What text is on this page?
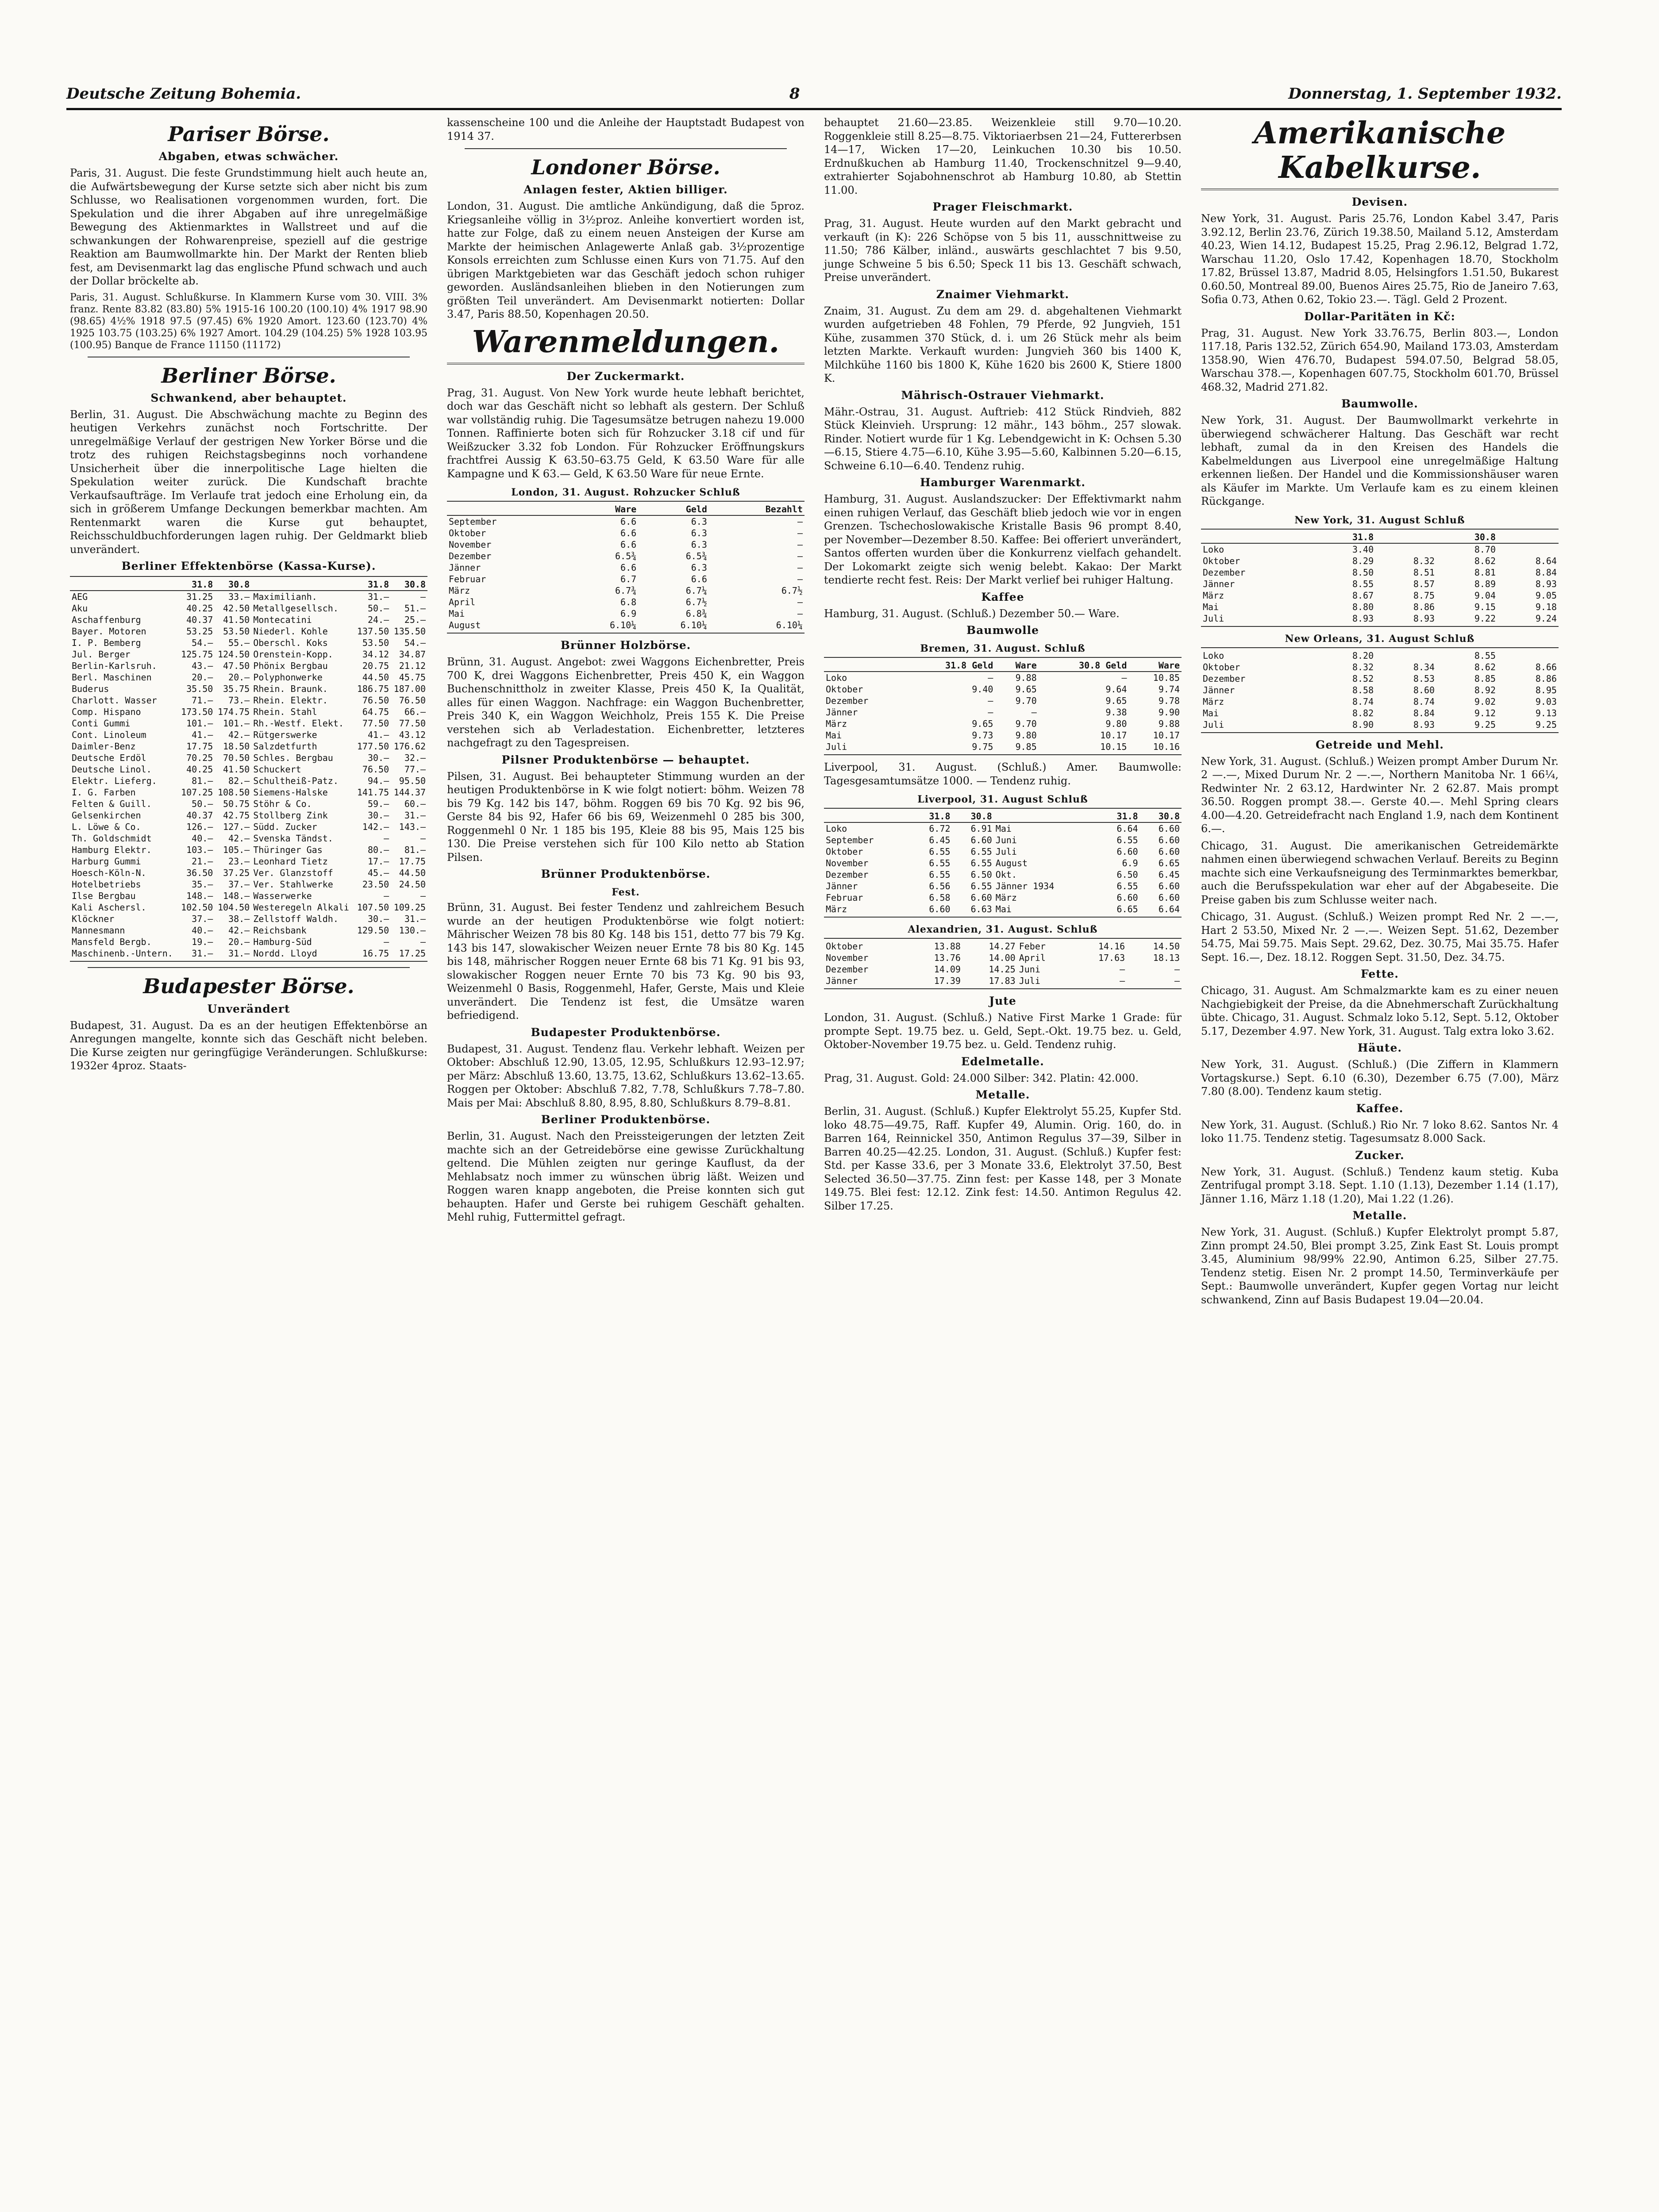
Deutsche Zeitung Bohemia.	8	Donnerstag, 1. September 1932.
Pariser Börse.
Abgaben, etwas schwächer.

Paris, 31. August. Die feste Grundstimmung hielt auch heute an, die Aufwärtsbewegung der Kurse setzte sich aber nicht bis zum Schlusse, wo Realisationen vorgenommen wurden, fort. Die Spekulation und die ihrer Abgaben auf ihre unregelmäßige Bewegung des Aktienmarktes in Wallstreet und auf die schwankungen der Rohwarenpreise, speziell auf die gestrige Reaktion am Baumwollmarkte hin. Der Markt der Renten blieb fest, am Devisenmarkt lag das englische Pfund schwach und auch der Dollar bröckelte ab.

Paris, 31. August. Schlußkurse. In Klammern Kurse vom 30. VIII. 3% franz. Rente 83.82 (83.80) 5% 1915-16 100.20 (100.10) 4% 1917 98.90 (98.65) 4½% 1918 97.5 (97.45) 6% 1920 Amort. 123.60 (123.70) 4% 1925 103.75 (103.25) 6% 1927 Amort. 104.29 (104.25) 5% 1928 103.95 (100.95) Banque de France 11150 (11172)

Berliner Börse.
Schwankend, aber behauptet.

Berlin, 31. August. Die Abschwächung machte zu Beginn des heutigen Verkehrs zunächst noch Fortschritte. Der unregelmäßige Verlauf der gestrigen New Yorker Börse und die trotz des ruhigen Reichstagsbeginns noch vorhandene Unsicherheit über die innerpolitische Lage hielten die Spekulation weiter zurück. Die Kundschaft brachte Verkaufsaufträge. Im Verlaufe trat jedoch eine Erholung ein, da sich in größerem Umfange Deckungen bemerkbar machten. Am Rentenmarkt waren die Kurse gut behauptet, Reichsschuldbuchforderungen lagen ruhig. Der Geldmarkt blieb unverändert.

Berliner Effektenbörse (Kassa-Kurse).
	31.8	30.8		31.8	30.8
AEG	31.25	33.—	Maximilianh.	31.—	—
Aku	40.25	42.50	Metallgesellsch.	50.—	51.—
Aschaffenburg	40.37	41.50	Montecatini	24.—	25.—
Bayer. Motoren	53.25	53.50	Niederl. Kohle	137.50	135.50
I. P. Bemberg	54.—	55.—	Oberschl. Koks	53.50	54.—
Jul. Berger	125.75	124.50	Orenstein-Kopp.	34.12	34.87
Berlin-Karlsruh.	43.—	47.50	Phönix Bergbau	20.75	21.12
Berl. Maschinen	20.—	20.—	Polyphonwerke	44.50	45.75
Buderus	35.50	35.75	Rhein. Braunk.	186.75	187.00
Charlott. Wasser	71.—	73.—	Rhein. Elektr.	76.50	76.50
Comp. Hispano	173.50	174.75	Rhein. Stahl	64.75	66.—
Conti Gummi	101.—	101.—	Rh.-Westf. Elekt.	77.50	77.50
Cont. Linoleum	41.—	42.—	Rütgerswerke	41.—	43.12
Daimler-Benz	17.75	18.50	Salzdetfurth	177.50	176.62
Deutsche Erdöl	70.25	70.50	Schles. Bergbau	30.—	32.—
Deutsche Linol.	40.25	41.50	Schuckert	76.50	77.—
Elektr. Lieferg.	81.—	82.—	Schultheiß-Patz.	94.—	95.50
I. G. Farben	107.25	108.50	Siemens-Halske	141.75	144.37
Felten & Guill.	50.—	50.75	Stöhr & Co.	59.—	60.—
Gelsenkirchen	40.37	42.75	Stollberg Zink	30.—	31.—
L. Löwe & Co.	126.—	127.—	Südd. Zucker	142.—	143.—
Th. Goldschmidt	40.—	42.—	Svenska Tändst.	—	—
Hamburg Elektr.	103.—	105.—	Thüringer Gas	80.—	81.—
Harburg Gummi	21.—	23.—	Leonhard Tietz	17.—	17.75
Hoesch-Köln-N.	36.50	37.25	Ver. Glanzstoff	45.—	44.50
Hotelbetriebs	35.—	37.—	Ver. Stahlwerke	23.50	24.50
Ilse Bergbau	148.—	148.—	Wasserwerke	—	—
Kali Aschersl.	102.50	104.50	Westeregeln Alkali	107.50	109.25
Klöckner	37.—	38.—	Zellstoff Waldh.	30.—	31.—
Mannesmann	40.—	42.—	Reichsbank	129.50	130.—
Mansfeld Bergb.	19.—	20.—	Hamburg-Süd	—	—
Maschinenb.-Untern.	31.—	31.—	Nordd. Lloyd	16.75	17.25
Budapester Börse.
Unverändert

Budapest, 31. August. Da es an der heutigen Effektenbörse an Anregungen mangelte, konnte sich das Geschäft nicht beleben. Die Kurse zeigten nur geringfügige Veränderungen. Schlußkurse: 1932er 4proz. Staats-

kassenscheine 100 und die Anleihe der Hauptstadt Budapest von 1914 37.

Londoner Börse.
Anlagen fester, Aktien billiger.

London, 31. August. Die amtliche Ankündigung, daß die 5proz. Kriegsanleihe völlig in 3½proz. Anleihe konvertiert worden ist, hatte zur Folge, daß zu einem neuen Ansteigen der Kurse am Markte der heimischen Anlagewerte Anlaß gab. 3½prozentige Konsols erreichten zum Schlusse einen Kurs von 71.75. Auf den übrigen Marktgebieten war das Geschäft jedoch schon ruhiger geworden. Ausländsanleihen blieben in den Notierungen zum größten Teil unverändert. Am Devisenmarkt notierten: Dollar 3.47, Paris 88.50, Kopenhagen 20.50.

Warenmeldungen.
Der Zuckermarkt.

Prag, 31. August. Von New York wurde heute lebhaft berichtet, doch war das Geschäft nicht so lebhaft als gestern. Der Schluß war vollständig ruhig. Die Tagesumsätze betrugen nahezu 19.000 Tonnen. Raffinierte boten sich für Rohzucker 3.18 cif und für Weißzucker 3.32 fob London. Für Rohzucker Eröffnungskurs frachtfrei Aussig K 63.50–63.75 Geld, K 63.50 Ware für alle Kampagne und K 63.— Geld, K 63.50 Ware für neue Ernte.

London, 31. August. Rohzucker Schluß
	Ware	Geld	Bezahlt
September	6.6	6.3	—
Oktober	6.6	6.3	—
November	6.6	6.3	—
Dezember	6.5¾	6.5¾	—
Jänner	6.6	6.3	—
Februar	6.7	6.6	—
März	6.7¾	6.7¼	6.7½
April	6.8	6.7½	—
Mai	6.9	6.8¾	—
August	6.10¼	6.10¼	6.10¼
Brünner Holzbörse.

Brünn, 31. August. Angebot: zwei Waggons Eichenbretter, Preis 700 K, drei Waggons Eichenbretter, Preis 450 K, ein Waggon Buchenschnittholz in zweiter Klasse, Preis 450 K, Ia Qualität, alles für einen Waggon. Nachfrage: ein Waggon Buchenbretter, Preis 340 K, ein Waggon Weichholz, Preis 155 K. Die Preise verstehen sich ab Verladestation. Eichenbretter, letzteres nachgefragt zu den Tagespreisen.

Pilsner Produktenbörse — behauptet.

Pilsen, 31. August. Bei behaupteter Stimmung wurden an der heutigen Produktenbörse in K wie folgt notiert: böhm. Weizen 78 bis 79 Kg. 142 bis 147, böhm. Roggen 69 bis 70 Kg. 92 bis 96, Gerste 84 bis 92, Hafer 66 bis 69, Weizenmehl 0 285 bis 300, Roggenmehl 0 Nr. 1 185 bis 195, Kleie 88 bis 95, Mais 125 bis 130. Die Preise verstehen sich für 100 Kilo netto ab Station Pilsen.

Brünner Produktenbörse.
Fest.

Brünn, 31. August. Bei fester Tendenz und zahlreichem Besuch wurde an der heutigen Produktenbörse wie folgt notiert: Mährischer Weizen 78 bis 80 Kg. 148 bis 151, detto 77 bis 79 Kg. 143 bis 147, slowakischer Weizen neuer Ernte 78 bis 80 Kg. 145 bis 148, mährischer Roggen neuer Ernte 68 bis 71 Kg. 91 bis 93, slowakischer Roggen neuer Ernte 70 bis 73 Kg. 90 bis 93, Weizenmehl 0 Basis, Roggenmehl, Hafer, Gerste, Mais und Kleie unverändert. Die Tendenz ist fest, die Umsätze waren befriedigend.

Budapester Produktenbörse.

Budapest, 31. August. Tendenz flau. Verkehr lebhaft. Weizen per Oktober: Abschluß 12.90, 13.05, 12.95, Schlußkurs 12.93–12.97; per März: Abschluß 13.60, 13.75, 13.62, Schlußkurs 13.62–13.65. Roggen per Oktober: Abschluß 7.82, 7.78, Schlußkurs 7.78–7.80. Mais per Mai: Abschluß 8.80, 8.95, 8.80, Schlußkurs 8.79–8.81.

Berliner Produktenbörse.

Berlin, 31. August. Nach den Preissteigerungen der letzten Zeit machte sich an der Getreidebörse eine gewisse Zurückhaltung geltend. Die Mühlen zeigten nur geringe Kauflust, da der Mehlabsatz noch immer zu wünschen übrig läßt. Weizen und Roggen waren knapp angeboten, die Preise konnten sich gut behaupten. Hafer und Gerste bei ruhigem Geschäft gehalten. Mehl ruhig, Futtermittel gefragt.

behauptet 21.60—23.85. Weizenkleie still 9.70—10.20. Roggenkleie still 8.25—8.75. Viktoriaerbsen 21—24, Futtererbsen 14—17, Wicken 17—20, Leinkuchen 10.30 bis 10.50. Erdnußkuchen ab Hamburg 11.40, Trockenschnitzel 9—9.40, extrahierter Sojabohnenschrot ab Hamburg 10.80, ab Stettin 11.00.

Prager Fleischmarkt.

Prag, 31. August. Heute wurden auf den Markt gebracht und verkauft (in K): 226 Schöpse von 5 bis 11, ausschnittweise zu 11.50; 786 Kälber, inländ., auswärts geschlachtet 7 bis 9.50, junge Schweine 5 bis 6.50; Speck 11 bis 13. Geschäft schwach, Preise unverändert.

Znaimer Viehmarkt.

Znaim, 31. August. Zu dem am 29. d. abgehaltenen Viehmarkt wurden aufgetrieben 48 Fohlen, 79 Pferde, 92 Jungvieh, 151 Kühe, zusammen 370 Stück, d. i. um 26 Stück mehr als beim letzten Markte. Verkauft wurden: Jungvieh 360 bis 1400 K, Milchkühe 1160 bis 1800 K, Kühe 1620 bis 2600 K, Stiere 1800 K.

Mährisch-Ostrauer Viehmarkt.

Mähr.-Ostrau, 31. August. Auftrieb: 412 Stück Rindvieh, 882 Stück Kleinvieh. Ursprung: 12 mähr., 143 böhm., 257 slowak. Rinder. Notiert wurde für 1 Kg. Lebendgewicht in K: Ochsen 5.30—6.15, Stiere 4.75—6.10, Kühe 3.95—5.60, Kalbinnen 5.20—6.15, Schweine 6.10—6.40. Tendenz ruhig.

Hamburger Warenmarkt.

Hamburg, 31. August. Auslandszucker: Der Effektivmarkt nahm einen ruhigen Verlauf, das Geschäft blieb jedoch wie vor in engen Grenzen. Tschechoslowakische Kristalle Basis 96 prompt 8.40, per November—Dezember 8.50. Kaffee: Bei offeriert unverändert, Santos offerten wurden über die Konkurrenz vielfach gehandelt. Der Lokomarkt zeigte sich wenig belebt. Kakao: Der Markt tendierte recht fest. Reis: Der Markt verlief bei ruhiger Haltung.

Kaffee

Hamburg, 31. August. (Schluß.) Dezember 50.— Ware.

Baumwolle
Bremen, 31. August. Schluß
	31.8 Geld	Ware	30.8 Geld	Ware
Loko	—	9.88	—	10.85
Oktober	9.40	9.65	9.64	9.74
Dezember	—	9.70	9.65	9.78
Jänner	—	—	9.38	9.90
März	9.65	9.70	9.80	9.88
Mai	9.73	9.80	10.17	10.17
Juli	9.75	9.85	10.15	10.16

Liverpool, 31. August. (Schluß.) Amer. Baumwolle: Tagesgesamtumsätze 1000. — Tendenz ruhig.

Liverpool, 31. August Schluß
	31.8	30.8		31.8	30.8
Loko	6.72	6.91	Mai	6.64	6.60
September	6.45	6.60	Juni	6.55	6.60
Oktober	6.55	6.55	Juli	6.60	6.60
November	6.55	6.55	August	6.9	6.65
Dezember	6.55	6.50	Okt.	6.50	6.45
Jänner	6.56	6.55	Jänner 1934	6.55	6.60
Februar	6.58	6.60	März	6.60	6.60
März	6.60	6.63	Mai	6.65	6.64
Alexandrien, 31. August. Schluß
Oktober	13.88	14.27	Feber	14.16	14.50
November	13.76	14.00	April	17.63	18.13
Dezember	14.09	14.25	Juni	—	—
Jänner	17.39	17.83	Juli	—	—
Jute

London, 31. August. (Schluß.) Native First Marke 1 Grade: für prompte Sept. 19.75 bez. u. Geld, Sept.-Okt. 19.75 bez. u. Geld, Oktober-November 19.75 bez. u. Geld. Tendenz ruhig.

Edelmetalle.

Prag, 31. August. Gold: 24.000 Silber: 342. Platin: 42.000.

Metalle.

Berlin, 31. August. (Schluß.) Kupfer Elektrolyt 55.25, Kupfer Std. loko 48.75—49.75, Raff. Kupfer 49, Alumin. Orig. 160, do. in Barren 164, Reinnickel 350, Antimon Regulus 37—39, Silber in Barren 40.25—42.25. London, 31. August. (Schluß.) Kupfer fest: Std. per Kasse 33.6, per 3 Monate 33.6, Elektrolyt 37.50, Best Selected 36.50—37.75. Zinn fest: per Kasse 148, per 3 Monate 149.75. Blei fest: 12.12. Zink fest: 14.50. Antimon Regulus 42. Silber 17.25.

Amerikanische Kabelkurse.
Devisen.

New York, 31. August. Paris 25.76, London Kabel 3.47, Paris 3.92.12, Berlin 23.76, Zürich 19.38.50, Mailand 5.12, Amsterdam 40.23, Wien 14.12, Budapest 15.25, Prag 2.96.12, Belgrad 1.72, Warschau 11.20, Oslo 17.42, Kopenhagen 18.70, Stockholm 17.82, Brüssel 13.87, Madrid 8.05, Helsingfors 1.51.50, Bukarest 0.60.50, Montreal 89.00, Buenos Aires 25.75, Rio de Janeiro 7.63, Sofia 0.73, Athen 0.62, Tokio 23.—. Tägl. Geld 2 Prozent.

Dollar-Paritäten in Kč:

Prag, 31. August. New York 33.76.75, Berlin 803.—, London 117.18, Paris 132.52, Zürich 654.90, Mailand 173.03, Amsterdam 1358.90, Wien 476.70, Budapest 594.07.50, Belgrad 58.05, Warschau 378.—, Kopenhagen 607.75, Stockholm 601.70, Brüssel 468.32, Madrid 271.82.

Baumwolle.

New York, 31. August. Der Baumwollmarkt verkehrte in überwiegend schwächerer Haltung. Das Geschäft war recht lebhaft, zumal da in den Kreisen des Handels die Kabelmeldungen aus Liverpool eine unregelmäßige Haltung erkennen ließen. Der Handel und die Kommissionshäuser waren als Käufer im Markte. Um Verlaufe kam es zu einem kleinen Rückgange.

New York, 31. August Schluß
	31.8		30.8	
Loko	3.40		8.70	
Oktober	8.29	8.32	8.62	8.64
Dezember	8.50	8.51	8.81	8.84
Jänner	8.55	8.57	8.89	8.93
März	8.67	8.75	9.04	9.05
Mai	8.80	8.86	9.15	9.18
Juli	8.93	8.93	9.22	9.24
New Orleans, 31. August Schluß
Loko	8.20		8.55	
Oktober	8.32	8.34	8.62	8.66
Dezember	8.52	8.53	8.85	8.86
Jänner	8.58	8.60	8.92	8.95
März	8.74	8.74	9.02	9.03
Mai	8.82	8.84	9.12	9.13
Juli	8.90	8.93	9.25	9.25
Getreide und Mehl.

New York, 31. August. (Schluß.) Weizen prompt Amber Durum Nr. 2 —.—, Mixed Durum Nr. 2 —.—, Northern Manitoba Nr. 1 66¼, Redwinter Nr. 2 63.12, Hardwinter Nr. 2 62.87. Mais prompt 36.50. Roggen prompt 38.—. Gerste 40.—. Mehl Spring clears 4.00—4.20. Getreidefracht nach England 1.9, nach dem Kontinent 6.—.

Chicago, 31. August. Die amerikanischen Getreidemärkte nahmen einen überwiegend schwachen Verlauf. Bereits zu Beginn machte sich eine Verkaufsneigung des Terminmarktes bemerkbar, auch die Berufsspekulation war eher auf der Abgabeseite. Die Preise gaben bis zum Schlusse weiter nach.

Chicago, 31. August. (Schluß.) Weizen prompt Red Nr. 2 —.—, Hart 2 53.50, Mixed Nr. 2 —.—. Weizen Sept. 51.62, Dezember 54.75, Mai 59.75. Mais Sept. 29.62, Dez. 30.75, Mai 35.75. Hafer Sept. 16.—, Dez. 18.12. Roggen Sept. 31.50, Dez. 34.75.

Fette.

Chicago, 31. August. Am Schmalzmarkte kam es zu einer neuen Nachgiebigkeit der Preise, da die Abnehmerschaft Zurückhaltung übte. Chicago, 31. August. Schmalz loko 5.12, Sept. 5.12, Oktober 5.17, Dezember 4.97. New York, 31. August. Talg extra loko 3.62.

Häute.

New York, 31. August. (Schluß.) (Die Ziffern in Klammern Vortagskurse.) Sept. 6.10 (6.30), Dezember 6.75 (7.00), März 7.80 (8.00). Tendenz kaum stetig.

Kaffee.

New York, 31. August. (Schluß.) Rio Nr. 7 loko 8.62. Santos Nr. 4 loko 11.75. Tendenz stetig. Tagesumsatz 8.000 Sack.

Zucker.

New York, 31. August. (Schluß.) Tendenz kaum stetig. Kuba Zentrifugal prompt 3.18. Sept. 1.10 (1.13), Dezember 1.14 (1.17), Jänner 1.16, März 1.18 (1.20), Mai 1.22 (1.26).

Metalle.

New York, 31. August. (Schluß.) Kupfer Elektrolyt prompt 5.87, Zinn prompt 24.50, Blei prompt 3.25, Zink East St. Louis prompt 3.45, Aluminium 98/99% 22.90, Antimon 6.25, Silber 27.75. Tendenz stetig. Eisen Nr. 2 prompt 14.50, Terminverkäufe per Sept.: Baumwolle unverändert, Kupfer gegen Vortag nur leicht schwankend, Zinn auf Basis Budapest 19.04—20.04.
